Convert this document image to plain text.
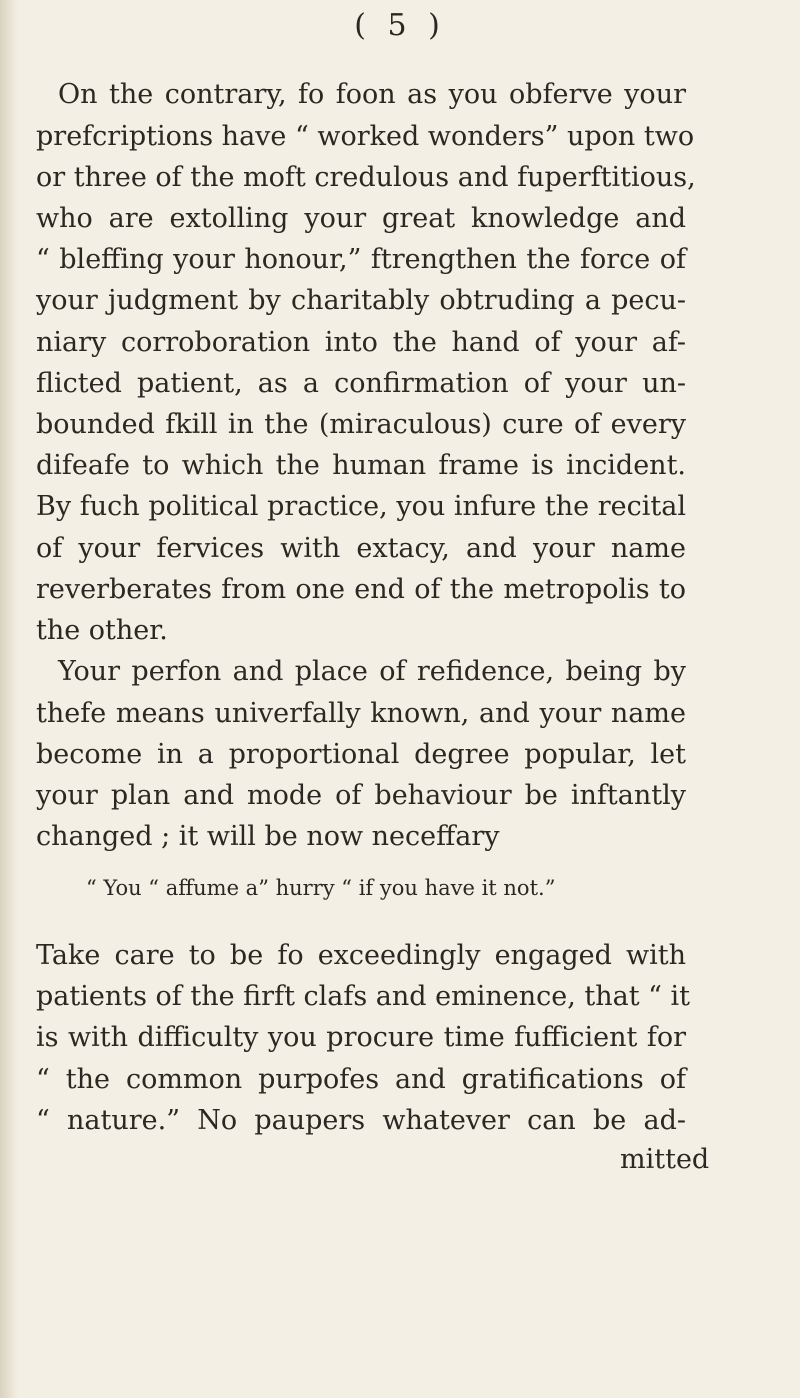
( 5 )
On the contrary, fo foon as you obferve your
prefcriptions have “ worked wonders” upon two
or three of the moft credulous and fuperftitious,
who are extolling your great knowledge and
“ bleffing your honour,” ftrengthen the force of
your judgment by charitably obtruding a pecu-
niary corroboration into the hand of your af-
flicted patient, as a confirmation of your un-
bounded fkill in the (miraculous) cure of every
difeafe to which the human frame is incident.
By fuch political practice, you infure the recital
of your fervices with extacy, and your name
reverberates from one end of the metropolis to
the other.
Your perfon and place of refidence, being by
thefe means univerfally known, and your name
become in a proportional degree popular, let
your plan and mode of behaviour be inftantly
changed ; it will be now neceffary
“ You “ affume a” hurry “ if you have it not.”
Take care to be fo exceedingly engaged with
patients of the firft clafs and eminence, that “ it
is with difficulty you procure time fufficient for
“ the common purpofes and gratifications of
“ nature.” No paupers whatever can be ad-
mitted
